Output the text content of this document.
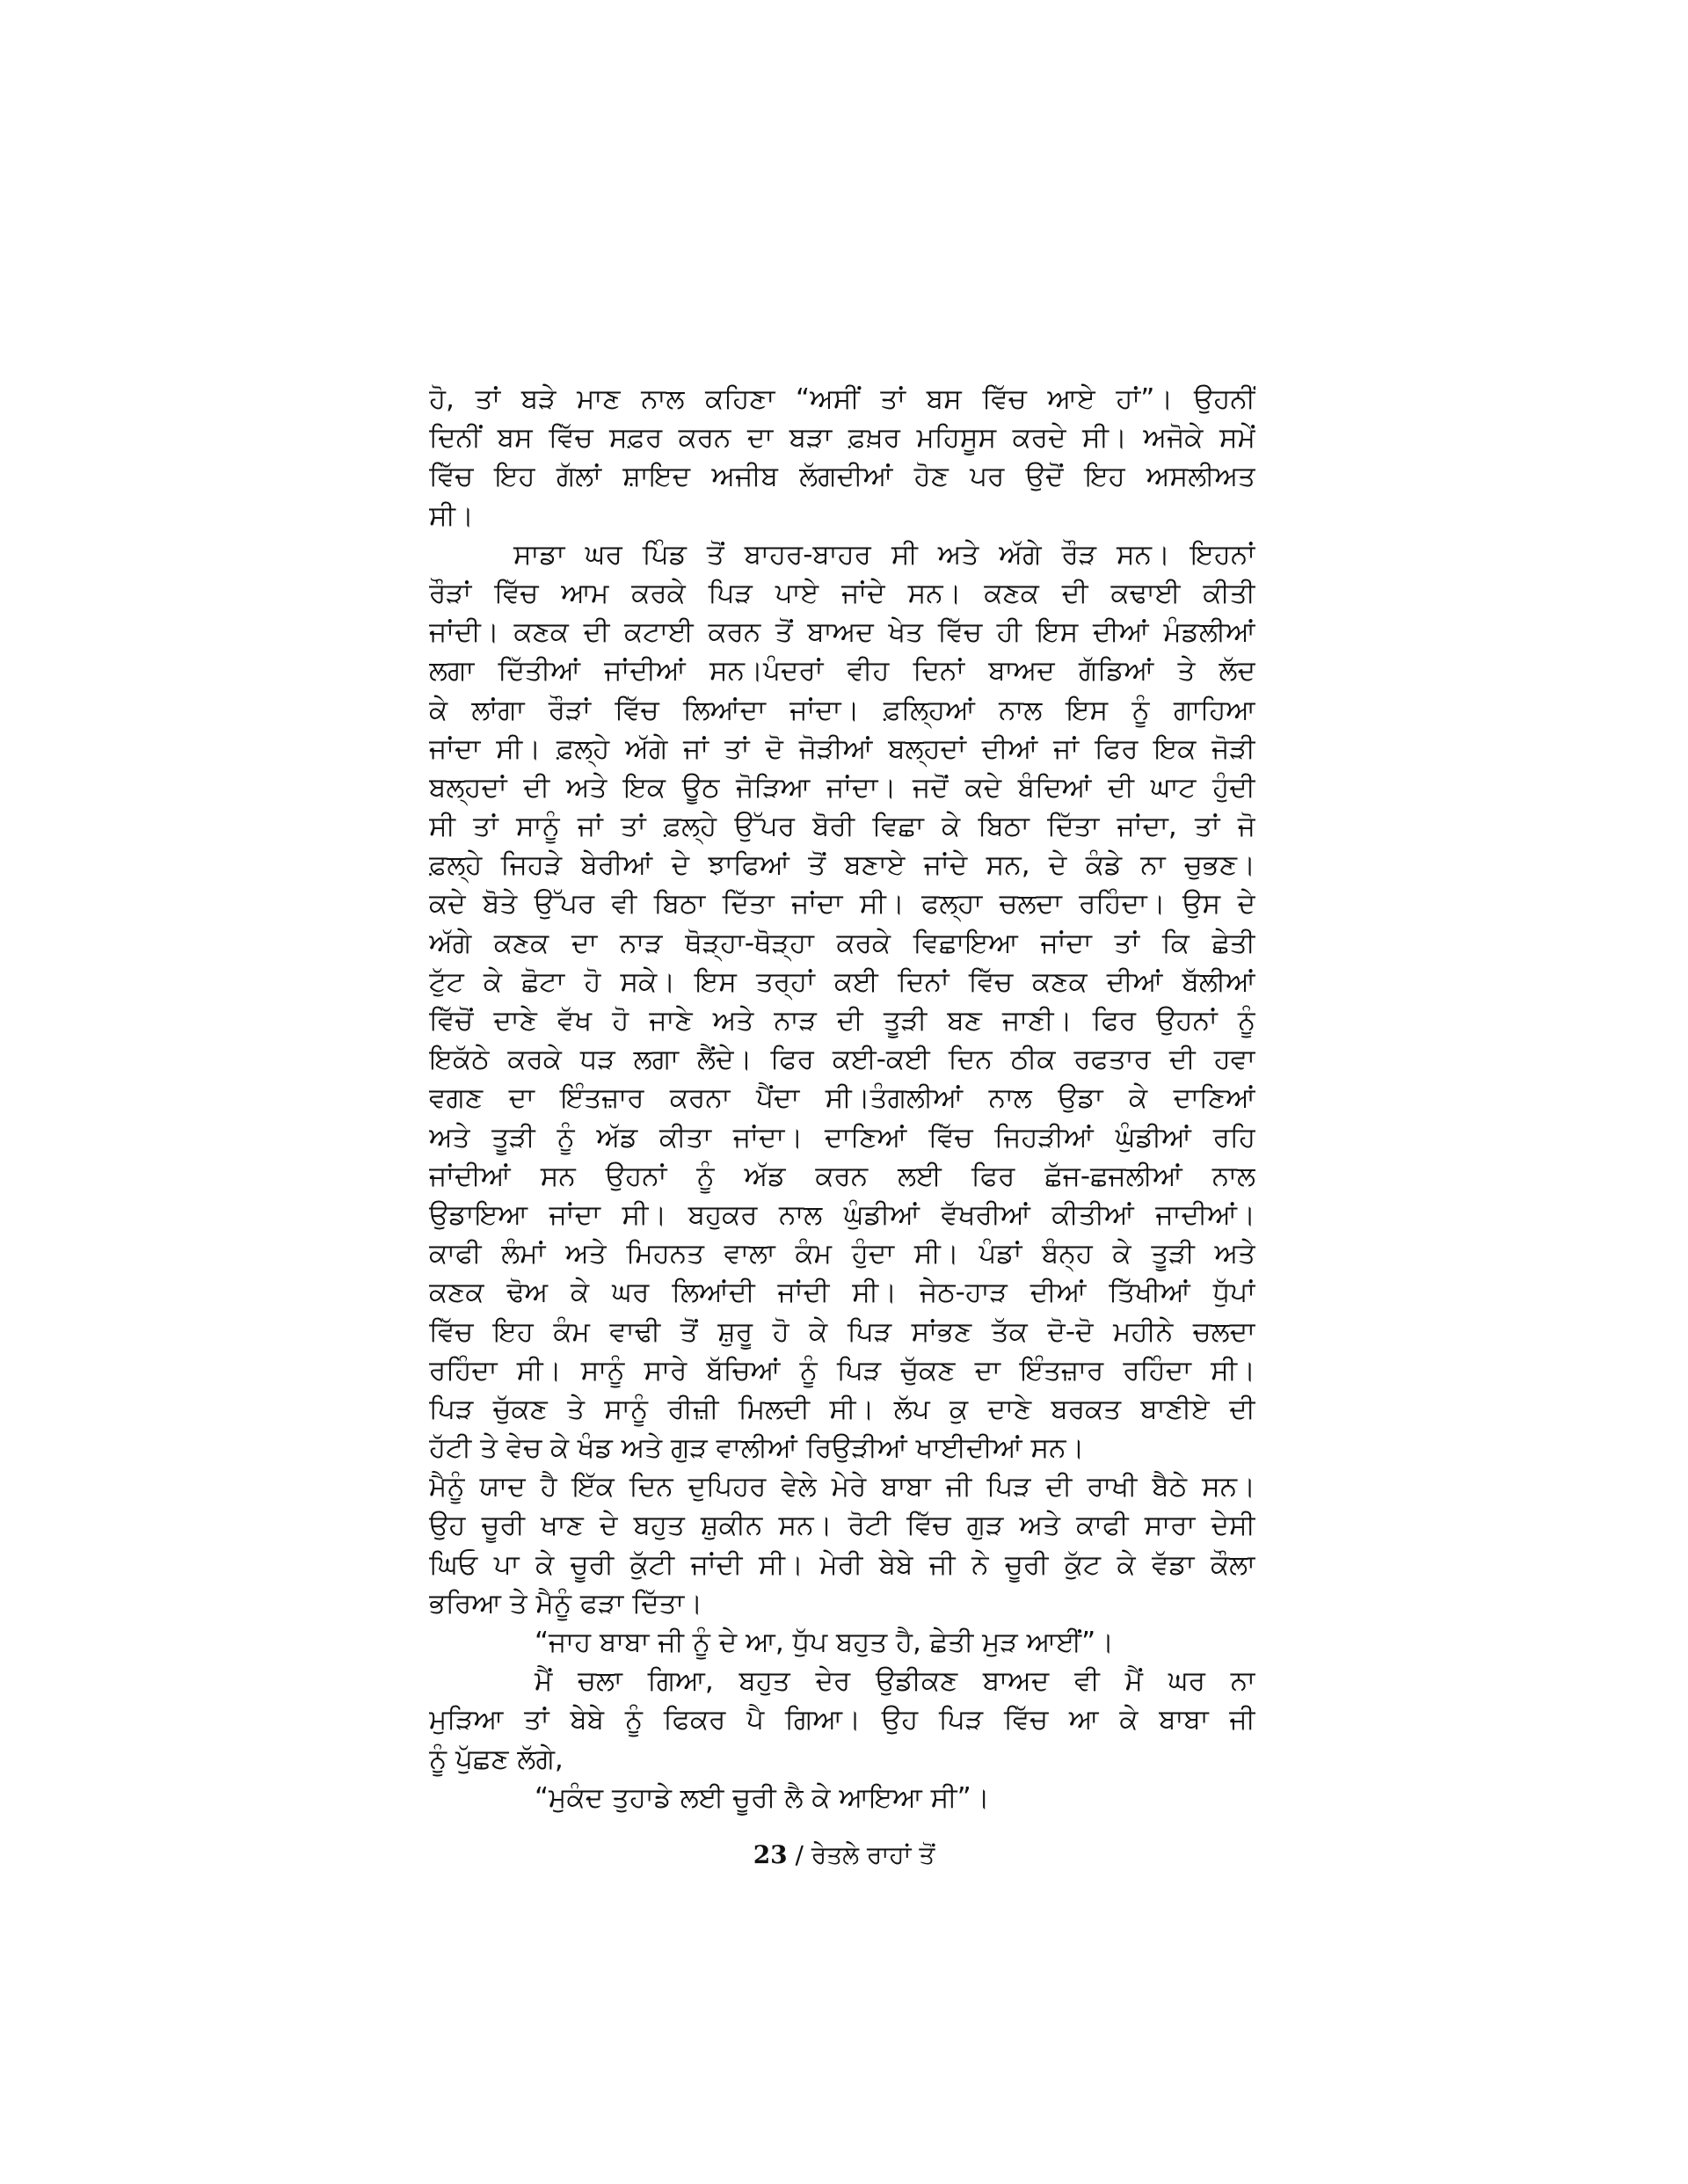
ਹੋ, ਤਾਂ ਬੜੇ ਮਾਣ ਨਾਲ ਕਹਿਣਾ “ਅਸੀਂ ਤਾਂ ਬਸ ਵਿੱਚ ਆਏ ਹਾਂ”। ਉਹਨੀਂ
ਦਿਨੀਂ ਬਸ ਵਿੱਚ ਸਫ਼ਰ ਕਰਨ ਦਾ ਬੜਾ ਫ਼ਖ਼ਰ ਮਹਿਸੂਸ ਕਰਦੇ ਸੀ। ਅਜੋਕੇ ਸਮੇਂ
ਵਿੱਚ ਇਹ ਗੱਲਾਂ ਸ਼ਾਇਦ ਅਜੀਬ ਲੱਗਦੀਆਂ ਹੋਣ ਪਰ ਉਦੋਂ ਇਹ ਅਸਲੀਅਤ
ਸੀ।
ਸਾਡਾ ਘਰ ਪਿੰਡ ਤੋਂ ਬਾਹਰ-ਬਾਹਰ ਸੀ ਅਤੇ ਅੱਗੇ ਰੌੜ ਸਨ। ਇਹਨਾਂ
ਰੌੜਾਂ ਵਿੱਚ ਆਮ ਕਰਕੇ ਪਿੜ ਪਾਏ ਜਾਂਦੇ ਸਨ। ਕਣਕ ਦੀ ਕਢਾਈ ਕੀਤੀ
ਜਾਂਦੀ। ਕਣਕ ਦੀ ਕਟਾਈ ਕਰਨ ਤੋਂ ਬਾਅਦ ਖੇਤ ਵਿੱਚ ਹੀ ਇਸ ਦੀਆਂ ਮੰਡਲੀਆਂ
ਲਗਾ ਦਿੱਤੀਆਂ ਜਾਂਦੀਆਂ ਸਨ।ਪੰਦਰਾਂ ਵੀਹ ਦਿਨਾਂ ਬਾਅਦ ਗੱਡਿਆਂ ਤੇ ਲੱਦ
ਕੇ ਲਾਂਗਾ ਰੌੜਾਂ ਵਿੱਚ ਲਿਆਂਦਾ ਜਾਂਦਾ। ਫ਼ਲ੍ਹਿਆਂ ਨਾਲ ਇਸ ਨੂੰ ਗਾਹਿਆ
ਜਾਂਦਾ ਸੀ। ਫ਼ਲ੍ਹੇ ਅੱਗੇ ਜਾਂ ਤਾਂ ਦੋ ਜੋੜੀਆਂ ਬਲ੍ਹਦਾਂ ਦੀਆਂ ਜਾਂ ਫਿਰ ਇਕ ਜੋੜੀ
ਬਲ੍ਹਦਾਂ ਦੀ ਅਤੇ ਇਕ ਊਠ ਜੋੜਿਆ ਜਾਂਦਾ। ਜਦੋਂ ਕਦੇ ਬੰਦਿਆਂ ਦੀ ਘਾਟ ਹੁੰਦੀ
ਸੀ ਤਾਂ ਸਾਨੂੰ ਜਾਂ ਤਾਂ ਫ਼ਲ੍ਹੇ ਉੱਪਰ ਬੋਰੀ ਵਿਛਾ ਕੇ ਬਿਠਾ ਦਿੱਤਾ ਜਾਂਦਾ, ਤਾਂ ਜੋ
ਫ਼ਲ੍ਹੇ ਜਿਹੜੇ ਬੇਰੀਆਂ ਦੇ ਝਾਫਿਆਂ ਤੋਂ ਬਣਾਏ ਜਾਂਦੇ ਸਨ, ਦੇ ਕੰਡੇ ਨਾ ਚੁਭਣ।
ਕਦੇ ਬੋਤੇ ਉੱਪਰ ਵੀ ਬਿਠਾ ਦਿੱਤਾ ਜਾਂਦਾ ਸੀ। ਫਲ੍ਹਾ ਚਲਦਾ ਰਹਿੰਦਾ। ਉਸ ਦੇ
ਅੱਗੇ ਕਣਕ ਦਾ ਨਾੜ ਥੋੜ੍ਹਾ-ਥੋੜ੍ਹਾ ਕਰਕੇ ਵਿਛਾਇਆ ਜਾਂਦਾ ਤਾਂ ਕਿ ਛੇਤੀ
ਟੁੱਟ ਕੇ ਛੋਟਾ ਹੋ ਸਕੇ। ਇਸ ਤਰ੍ਹਾਂ ਕਈ ਦਿਨਾਂ ਵਿੱਚ ਕਣਕ ਦੀਆਂ ਬੱਲੀਆਂ
ਵਿੱਚੋਂ ਦਾਣੇ ਵੱਖ ਹੋ ਜਾਣੇ ਅਤੇ ਨਾੜ ਦੀ ਤੂੜੀ ਬਣ ਜਾਣੀ। ਫਿਰ ਉਹਨਾਂ ਨੂੰ
ਇਕੱਠੇ ਕਰਕੇ ਧੜ ਲਗਾ ਲੈਂਦੇ। ਫਿਰ ਕਈ-ਕਈ ਦਿਨ ਠੀਕ ਰਫਤਾਰ ਦੀ ਹਵਾ
ਵਗਣ ਦਾ ਇੰਤਜ਼ਾਰ ਕਰਨਾ ਪੈਂਦਾ ਸੀ।ਤੰਗਲੀਆਂ ਨਾਲ ਉਡਾ ਕੇ ਦਾਣਿਆਂ
ਅਤੇ ਤੂੜੀ ਨੂੰ ਅੱਡ ਕੀਤਾ ਜਾਂਦਾ। ਦਾਣਿਆਂ ਵਿੱਚ ਜਿਹੜੀਆਂ ਘੁੰਡੀਆਂ ਰਹਿ
ਜਾਂਦੀਆਂ ਸਨ ਉਹਨਾਂ ਨੂੰ ਅੱਡ ਕਰਨ ਲਈ ਫਿਰ ਛੱਜ-ਛਜਲੀਆਂ ਨਾਲ
ਉਡਾਇਆ ਜਾਂਦਾ ਸੀ। ਬਹੁਕਰ ਨਾਲ ਘੁੰਡੀਆਂ ਵੱਖਰੀਆਂ ਕੀਤੀਆਂ ਜਾਦੀਆਂ।
ਕਾਫੀ ਲੰਮਾਂ ਅਤੇ ਮਿਹਨਤ ਵਾਲਾ ਕੰਮ ਹੁੰਦਾ ਸੀ। ਪੰਡਾਂ ਬੰਨ੍ਹ ਕੇ ਤੂੜੀ ਅਤੇ
ਕਣਕ ਢੋਅ ਕੇ ਘਰ ਲਿਆਂਦੀ ਜਾਂਦੀ ਸੀ। ਜੇਠ-ਹਾੜ ਦੀਆਂ ਤਿੱਖੀਆਂ ਧੁੱਪਾਂ
ਵਿੱਚ ਇਹ ਕੰਮ ਵਾਢੀ ਤੋਂ ਸ਼ੁਰੂ ਹੋ ਕੇ ਪਿੜ ਸਾਂਭਣ ਤੱਕ ਦੋ-ਦੋ ਮਹੀਨੇ ਚਲਦਾ
ਰਹਿੰਦਾ ਸੀ। ਸਾਨੂੰ ਸਾਰੇ ਬੱਚਿਆਂ ਨੂੰ ਪਿੜ ਚੁੱਕਣ ਦਾ ਇੰਤਜ਼ਾਰ ਰਹਿੰਦਾ ਸੀ।
ਪਿੜ ਚੁੱਕਣ ਤੇ ਸਾਨੂੰ ਰੀਜ਼ੀ ਮਿਲਦੀ ਸੀ। ਲੱਪ ਕੁ ਦਾਣੇ ਬਰਕਤ ਬਾਣੀਏ ਦੀ
ਹੱਟੀ ਤੇ ਵੇਚ ਕੇ ਖੰਡ ਅਤੇ ਗੁੜ ਵਾਲੀਆਂ ਰਿਉੜੀਆਂ ਖਾਈਦੀਆਂ ਸਨ।
ਮੈਨੂੰ ਯਾਦ ਹੈ ਇੱਕ ਦਿਨ ਦੁਪਿਹਰ ਵੇਲੇ ਮੇਰੇ ਬਾਬਾ ਜੀ ਪਿੜ ਦੀ ਰਾਖੀ ਬੈਠੇ ਸਨ।
ਉਹ ਚੂਰੀ ਖਾਣ ਦੇ ਬਹੁਤ ਸ਼ੁਕੀਨ ਸਨ। ਰੋਟੀ ਵਿੱਚ ਗੁੜ ਅਤੇ ਕਾਫੀ ਸਾਰਾ ਦੇਸੀ
ਘਿਓ ਪਾ ਕੇ ਚੂਰੀ ਕੁੱਟੀ ਜਾਂਦੀ ਸੀ। ਮੇਰੀ ਬੇਬੇ ਜੀ ਨੇ ਚੂਰੀ ਕੁੱਟ ਕੇ ਵੱਡਾ ਕੌਲਾ
ਭਰਿਆ ਤੇ ਮੈਨੂੰ ਫੜਾ ਦਿੱਤਾ।
“ਜਾਹ ਬਾਬਾ ਜੀ ਨੂੰ ਦੇ ਆ, ਧੁੱਪ ਬਹੁਤ ਹੈ, ਛੇਤੀ ਮੁੜ ਆਈਂ”।
ਮੈਂ ਚਲਾ ਗਿਆ, ਬਹੁਤ ਦੇਰ ਉਡੀਕਣ ਬਾਅਦ ਵੀ ਮੈਂ ਘਰ ਨਾ
ਮੁੜਿਆ ਤਾਂ ਬੇਬੇ ਨੂੰ ਫਿਕਰ ਪੈ ਗਿਆ। ਉਹ ਪਿੜ ਵਿੱਚ ਆ ਕੇ ਬਾਬਾ ਜੀ
ਨੂੰ ਪੁੱਛਣ ਲੱਗੇ,
“ਮੁਕੰਦ ਤੁਹਾਡੇ ਲਈ ਚੂਰੀ ਲੈ ਕੇ ਆਇਆ ਸੀ”।
23 / ਰੇਤਲੇ ਰਾਹਾਂ ਤੋਂ
